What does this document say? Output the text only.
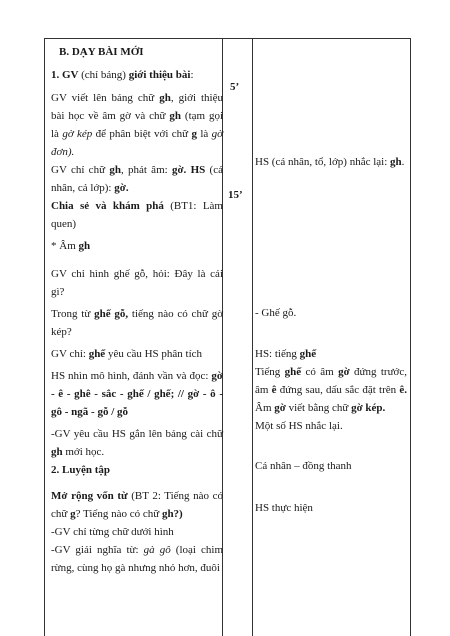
B. DẠY BÀI MỚI

1. GV (chỉ bảng) giới thiệu bài:

GV viết lên bảng chữ gh, giới thiệu bài học về âm gờ và chữ gh (tạm gọi là gờ kép để phân biệt với chữ g là gờ đơn).

GV chỉ chữ gh, phát âm: gờ. HS (cá nhân, cả lớp): gờ.

Chia sẻ và khám phá (BT1: Làm quen)

* Âm gh

GV chỉ hình ghế gỗ, hỏi: Đây là cái gì?

Trong từ ghế gỗ, tiếng nào có chữ gờ kép?

GV chỉ: ghế yêu cầu HS phân tích

HS nhìn mô hình, đánh vần và đọc: gờ - ê - ghê - sắc - ghế / ghế; // gờ - ô - gô - ngã - gỗ / gỗ

-GV yêu cầu HS gắn lên bảng cài chữ gh mới học.

2. Luyện tập

Mở rộng vốn từ (BT 2: Tiếng nào có chữ g? Tiếng nào có chữ gh?)

-GV chỉ từng chữ dưới hình

-GV giải nghĩa từ: gà gô (loại chim rừng, cùng họ gà nhưng nhỏ hơn, đuôi

5’
15’

HS (cá nhân, tổ, lớp) nhắc lại: gh.

- Ghế gỗ.

HS: tiếng ghế

Tiếng ghế có âm gờ đứng trước, âm ê đứng sau, dấu sắc đặt trên ê. Âm gờ viết bằng chữ gờ kép.

Một số HS nhắc lại.

Cá nhân – đồng thanh

HS thực hiện
